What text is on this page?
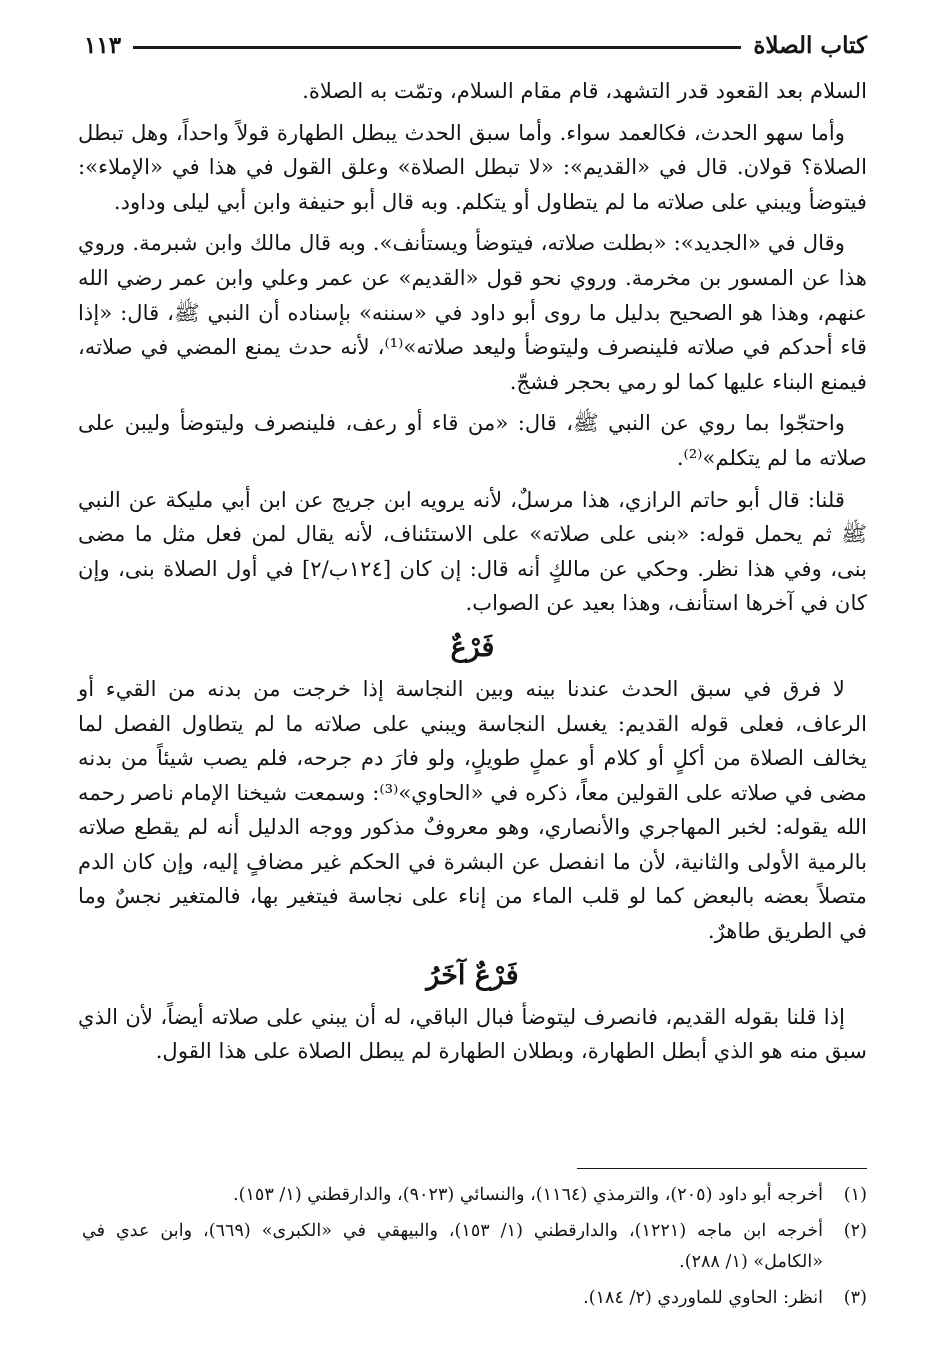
كتاب الصلاة
١١٣

السلام بعد القعود قدر التشهد، قام مقام السلام، وتمّت به الصلاة.

وأما سهو الحدث، فكالعمد سواء. وأما سبق الحدث يبطل الطهارة قولاً واحداً، وهل تبطل الصلاة؟ قولان. قال في «القديم»: «لا تبطل الصلاة» وعلق القول في هذا في «الإملاء»: فيتوضأ ويبني على صلاته ما لم يتطاول أو يتكلم. وبه قال أبو حنيفة وابن أبي ليلى وداود.

وقال في «الجديد»: «بطلت صلاته، فيتوضأ ويستأنف». وبه قال مالك وابن شبرمة. وروي هذا عن المسور بن مخرمة. وروي نحو قول «القديم» عن عمر وعلي وابن عمر رضي الله عنهم، وهذا هو الصحيح بدليل ما روى أبو داود في «سننه» بإسناده أن النبي ﷺ، قال: «إذا قاء أحدكم في صلاته فلينصرف وليتوضأ وليعد صلاته»⁽¹⁾، لأنه حدث يمنع المضي في صلاته، فيمنع البناء عليها كما لو رمي بحجر فشجّ.

واحتجّوا بما روي عن النبي ﷺ، قال: «من قاء أو رعف، فلينصرف وليتوضأ وليبن على صلاته ما لم يتكلم»⁽²⁾.

قلنا: قال أبو حاتم الرازي، هذا مرسلٌ، لأنه يرويه ابن جريج عن ابن أبي مليكة عن النبي ﷺ ثم يحمل قوله: «بنى على صلاته» على الاستئناف، لأنه يقال لمن فعل مثل ما مضى بنى، وفي هذا نظر. وحكي عن مالكٍ أنه قال: إن كان [١٢٤ب/٢] في أول الصلاة بنى، وإن كان في آخرها استأنف، وهذا بعيد عن الصواب.

فَرْعٌ

لا فرق في سبق الحدث عندنا بينه وبين النجاسة إذا خرجت من بدنه من القيء أو الرعاف، فعلى قوله القديم: يغسل النجاسة ويبني على صلاته ما لم يتطاول الفصل لما يخالف الصلاة من أكلٍ أو كلام أو عملٍ طويلٍ، ولو فارَ دم جرحه، فلم يصب شيئاً من بدنه مضى في صلاته على القولين معاً، ذكره في «الحاوي»⁽³⁾: وسمعت شيخنا الإمام ناصر رحمه الله يقوله: لخبر المهاجري والأنصاري، وهو معروفٌ مذكور ووجه الدليل أنه لم يقطع صلاته بالرمية الأولى والثانية، لأن ما انفصل عن البشرة في الحكم غير مضافٍ إليه، وإن كان الدم متصلاً بعضه بالبعض كما لو قلب الماء من إناء على نجاسة فيتغير بها، فالمتغير نجسٌ وما في الطريق طاهرٌ.

فَرْعٌ آخَرُ

إذا قلنا بقوله القديم، فانصرف ليتوضأ فبال الباقي، له أن يبني على صلاته أيضاً، لأن الذي سبق منه هو الذي أبطل الطهارة، وبطلان الطهارة لم يبطل الصلاة على هذا القول.

(١)
أخرجه أبو داود (٢٠٥)، والترمذي (١١٦٤)، والنسائي (٩٠٢٣)، والدارقطني (١/ ١٥٣).
(٢)
أخرجه ابن ماجه (١٢٢١)، والدارقطني (١/ ١٥٣)، والبيهقي في «الكبرى» (٦٦٩)، وابن عدي في «الكامل» (١/ ٢٨٨).
(٣)
انظر: الحاوي للماوردي (٢/ ١٨٤).
